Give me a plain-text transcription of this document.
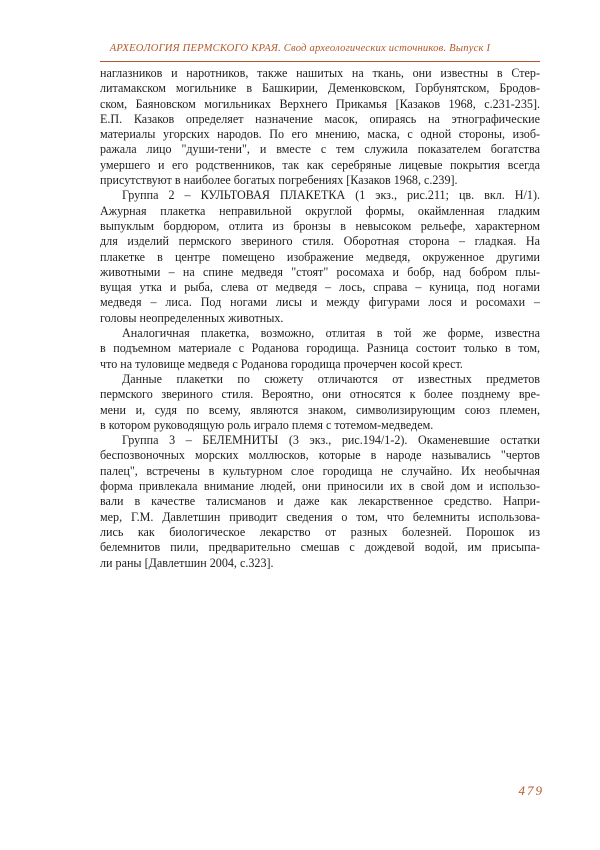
АРХЕОЛОГИЯ ПЕРМСКОГО КРАЯ. Свод археологических источников. Выпуск I
наглазников и наротников, также нашитых на ткань, они известны в Стер-
литамакском могильнике в Башкирии, Деменковском, Горбунятском, Бродов-
ском, Баяновском могильниках Верхнего Прикамья [Казаков 1968, с.231-235].
Е.П. Казаков определяет назначение масок, опираясь на этнографические
материалы угорских народов. По его мнению, маска, с одной стороны, изоб-
ражала лицо "души-тени", и вместе с тем служила показателем богатства
умершего и его родственников, так как серебряные лицевые покрытия всегда
присутствуют в наиболее богатых погребениях [Казаков 1968, с.239].
Группа 2 – КУЛЬТОВАЯ ПЛАКЕТКА (1 экз., рис.211; цв. вкл. Н/1).
Ажурная плакетка неправильной округлой формы, окаймленная гладким
выпуклым бордюром, отлита из бронзы в невысоком рельефе, характерном
для изделий пермского звериного стиля. Оборотная сторона – гладкая. На
плакетке в центре помещено изображение медведя, окруженное другими
животными – на спине медведя "стоят" росомаха и бобр, над бобром плы-
вущая утка и рыба, слева от медведя – лось, справа – куница, под ногами
медведя – лиса. Под ногами лисы и между фигурами лося и росомахи –
головы неопределенных животных.
Аналогичная плакетка, возможно, отлитая в той же форме, известна
в подъемном материале с Роданова городища. Разница состоит только в том,
что на туловище медведя с Роданова городища прочерчен косой крест.
Данные плакетки по сюжету отличаются от известных предметов
пермского звериного стиля. Вероятно, они относятся к более позднему вре-
мени и, судя по всему, являются знаком, символизирующим союз племен,
в котором руководящую роль играло племя с тотемом-медведем.
Группа 3 – БЕЛЕМНИТЫ (3 экз., рис.194/1-2). Окаменевшие остатки
беспозвоночных морских моллюсков, которые в народе назывались "чертов
палец", встречены в культурном слое городища не случайно. Их необычная
форма привлекала внимание людей, они приносили их в свой дом и использо-
вали в качестве талисманов и даже как лекарственное средство. Напри-
мер, Г.М. Давлетшин приводит сведения о том, что белемниты использова-
лись как биологическое лекарство от разных болезней. Порошок из
белемнитов пили, предварительно смешав с дождевой водой, им присыпа-
ли раны [Давлетшин 2004, с.323].
479
